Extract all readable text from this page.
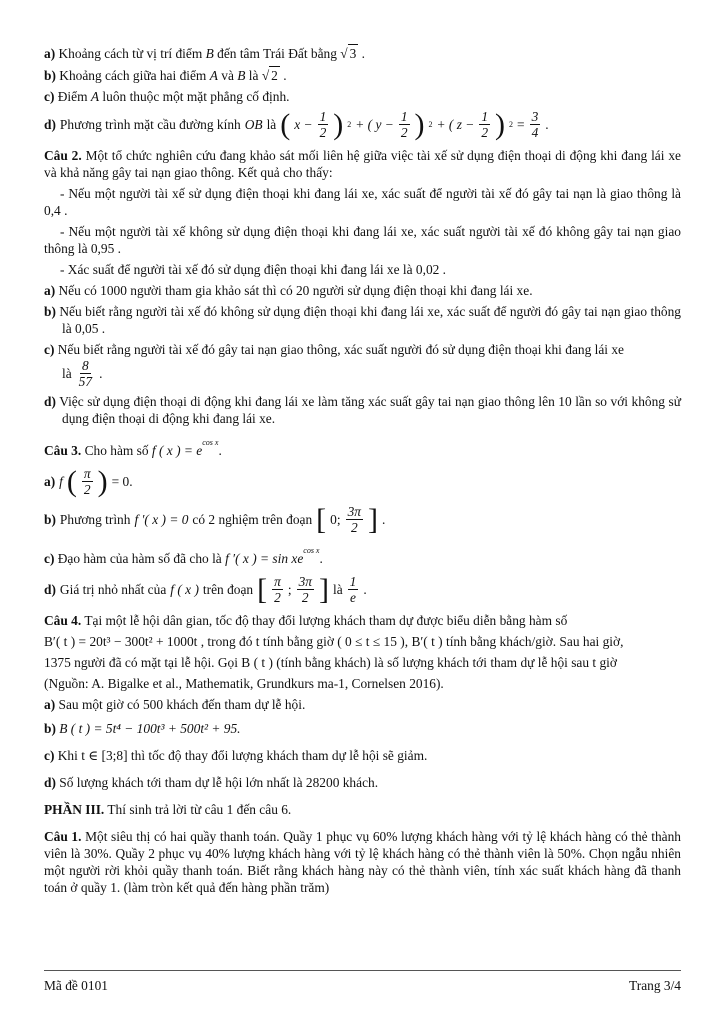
a) Khoảng cách từ vị trí điểm B đến tâm Trái Đất bằng √ 3 .

b) Khoảng cách giữa hai điểm A và B là √ 2 .

c) Điểm A luôn thuộc một mặt phẳng cố định.

d) Phương trình mặt cầu đường kính OB là ( $x - \frac{1}{2}$ ) 2 + ( $y - \frac{1}{2}$ ) 2 + ( $z - \frac{1}{2}$ ) $2 = \frac{3}{4}$ .

Câu 2. Một tổ chức nghiên cứu đang khảo sát mối liên hệ giữa việc tài xế sử dụng điện thoại di động khi đang lái xe và khả năng gây tai nạn giao thông. Kết quả cho thấy:

- Nếu một người tài xế sử dụng điện thoại khi đang lái xe, xác suất để người tài xế đó gây tai nạn là giao thông là 0,4 .

- Nếu một người tài xế không sử dụng điện thoại khi đang lái xe, xác suất người tài xế đó không gây tai nạn giao thông là 0,95 .

- Xác suất để người tài xế đó sử dụng điện thoại khi đang lái xe là 0,02 .

a) Nếu có 1000 người tham gia khảo sát thì có 20 người sử dụng điện thoại khi đang lái xe.

b) Nếu biết rằng người tài xế đó không sử dụng điện thoại khi đang lái xe, xác suất để người đó gây tai nạn giao thông là 0,05 .

c) Nếu biết rằng người tài xế đó gây tai nạn giao thông, xác suất người đó sử dụng điện thoại khi đang lái xe

là $\frac{8}{57}$ .

d) Việc sử dụng điện thoại di động khi đang lái xe làm tăng xác suất gây tai nạn giao thông lên 10 lần so với không sử dụng điện thoại di động khi đang lái xe.

Câu 3. Cho hàm số f ( x ) = $e^{cos x}$.

a) f ( $\frac{\pi}{2}$ ) = 0.
b) Phương trình f ′( x ) = 0 có 2 nghiệm trên đoạn [ 0; $\frac{3\pi}{2}$ ] .

c) Đạo hàm của hàm số đã cho là f ′( x ) = $\sin xe^{cos x}$.

d) Giá trị nhỏ nhất của f ( x ) trên đoạn [ $\frac{\pi}{2}$ ; $\frac{3\pi}{2}$ ] là $\frac{1}{e}$ .

Câu 4. Tại một lễ hội dân gian, tốc độ thay đổi lượng khách tham dự được biểu diễn bằng hàm số

B′( t ) = 20t³ − 300t² + 1000t , trong đó t tính bằng giờ ( 0 ≤ t ≤ 15 ), B′( t ) tính bằng khách/giờ. Sau hai giờ,

1375 người đã có mặt tại lễ hội. Gọi B ( t ) (tính bằng khách) là số lượng khách tới tham dự lễ hội sau t giờ

(Nguồn: A. Bigalke et al., Mathematik, Grundkurs ma-1, Cornelsen 2016).

a) Sau một giờ có 500 khách đến tham dự lễ hội.

b) B ( t ) = 5t⁴ − 100t³ + 500t² + 95.

c) Khi t ∈ [3;8] thì tốc độ thay đổi lượng khách tham dự lễ hội sẽ giảm.

d) Số lượng khách tới tham dự lễ hội lớn nhất là 28200 khách.

PHẦN III. Thí sinh trả lời từ câu 1 đến câu 6.

Câu 1. Một siêu thị có hai quầy thanh toán. Quầy 1 phục vụ 60% lượng khách hàng với tỷ lệ khách hàng có thẻ thành viên là 30%. Quầy 2 phục vụ 40% lượng khách hàng với tỷ lệ khách hàng có thẻ thành viên là 50%. Chọn ngẫu nhiên một người rời khỏi quầy thanh toán. Biết rằng khách hàng này có thẻ thành viên, tính xác suất khách hàng đã thanh toán ở quầy 1. (làm tròn kết quả đến hàng phần trăm)

Mã đề 0101	Trang 3/4
